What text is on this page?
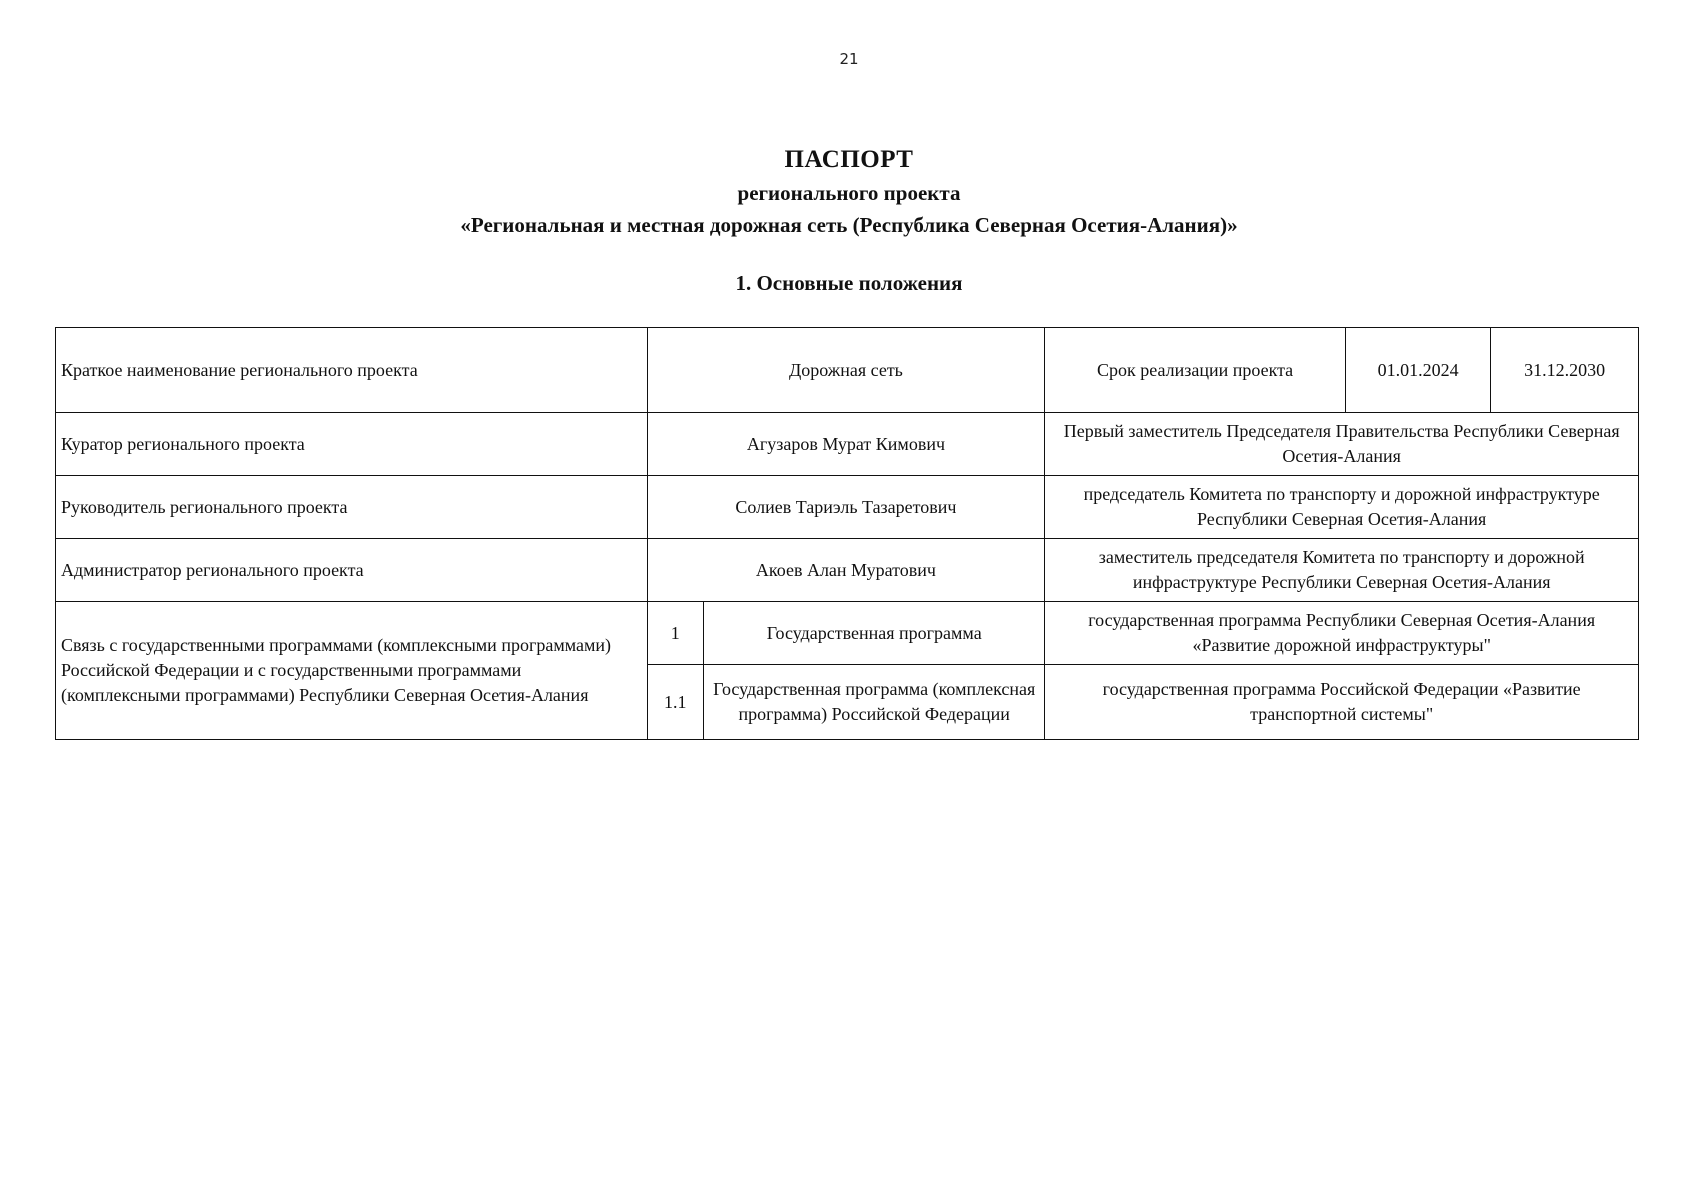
21
ПАСПОРТ
регионального проекта
«Региональная и местная дорожная сеть (Республика Северная Осетия-Алания)»
1. Основные положения
Краткое наименование регионального проекта	Дорожная сеть		Срок реализации проекта	01.01.2024	31.12.2030
Куратор регионального проекта	Агузаров Мурат Кимович		Первый заместитель Председателя Правительства Республики Северная Осетия-Алания		
Руководитель регионального проекта	Солиев Тариэль Тазаретович		председатель Комитета по транспорту и дорожной инфраструктуре Республики Северная Осетия-Алания		
Администратор регионального проекта	Акоев Алан Муратович		заместитель председателя Комитета по транспорту и дорожной инфраструктуре Республики Северная Осетия-Алания		
Связь с государственными программами (комплексными программами) Российской Федерации и с государственными программами (комплексными программами) Республики Северная Осетия-Алания	1	Государственная программа	государственная программа Республики Северная Осетия-Алания «Развитие дорожной инфраструктуры"		
	1.1	Государственная программа (комплексная программа) Российской Федерации	государственная программа Российской Федерации «Развитие транспортной системы"		
